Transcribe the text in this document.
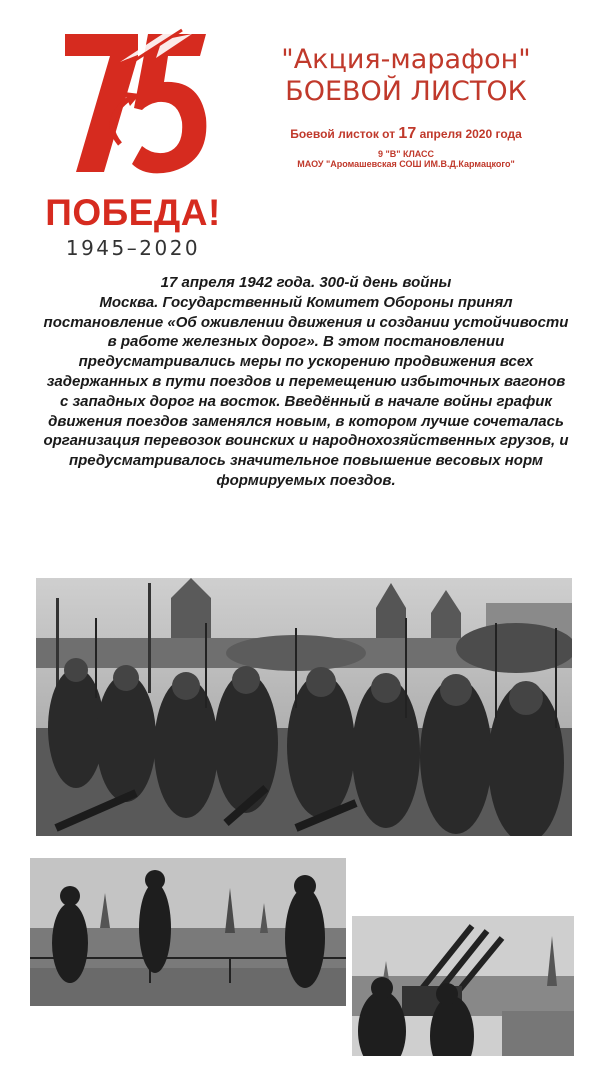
ПОБЕДА!
1945–2020
"Акция-марафон"
БОЕВОЙ ЛИСТОК
Боевой листок от 17 апреля 2020 года
9 "В" КЛАСС
МАОУ "Аромашевская СОШ ИМ.В.Д.Кармацкого"
17 апреля 1942 года. 300-й день войны
Москва. Государственный Комитет Обороны принял постановление «Об оживлении движения и создании устойчивости в работе железных дорог». В этом постановлении предусматривались меры по ускорению продвижения всех задержанных в пути поездов и перемещению избыточных вагонов с западных дорог на восток. Введённый в начале войны график движения поездов заменялся новым, в котором лучше сочеталась организация перевозок воинских и народнохозяйственных грузов, и предусматривалось значительное повышение весовых норм формируемых поездов.
